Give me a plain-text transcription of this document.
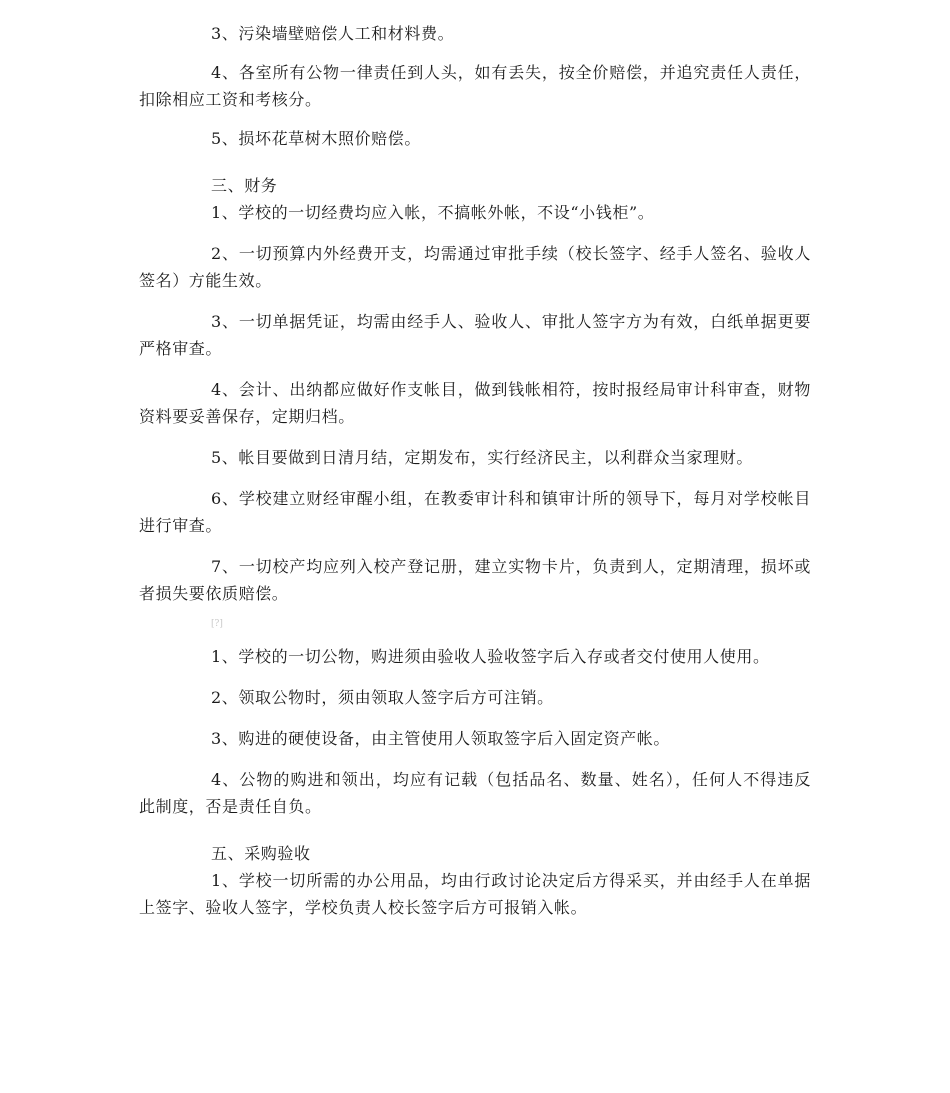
3、污染墙壁赔偿人工和材料费。

4、各室所有公物一律责任到人头，如有丢失，按全价赔偿，并追究责任人责任，扣除相应工资和考核分。

5、损坏花草树木照价赔偿。

三、财务

1、学校的一切经费均应入帐，不搞帐外帐，不设“小钱柜”。

2、一切预算内外经费开支，均需通过审批手续（校长签字、经手人签名、验收人签名）方能生效。

3、一切单据凭证，均需由经手人、验收人、审批人签字方为有效，白纸单据更要严格审查。

4、会计、出纳都应做好作支帐目，做到钱帐相符，按时报经局审计科审查，财物资料要妥善保存，定期归档。

5、帐目要做到日清月结，定期发布，实行经济民主，以利群众当家理财。

6、学校建立财经审醒小组，在教委审计科和镇审计所的领导下，每月对学校帐目进行审查。

7、一切校产均应列入校产登记册，建立实物卡片，负责到人，定期清理，损坏或者损失要依质赔偿。

[?]

1、学校的一切公物，购进须由验收人验收签字后入存或者交付使用人使用。

2、领取公物时，须由领取人签字后方可注销。

3、购进的硬使设备，由主管使用人领取签字后入固定资产帐。

4、公物的购进和领出，均应有记载（包括品名、数量、姓名），任何人不得违反此制度，否是责任自负。

五、采购验收

1、学校一切所需的办公用品，均由行政讨论决定后方得采买，并由经手人在单据上签字、验收人签字，学校负责人校长签字后方可报销入帐。
